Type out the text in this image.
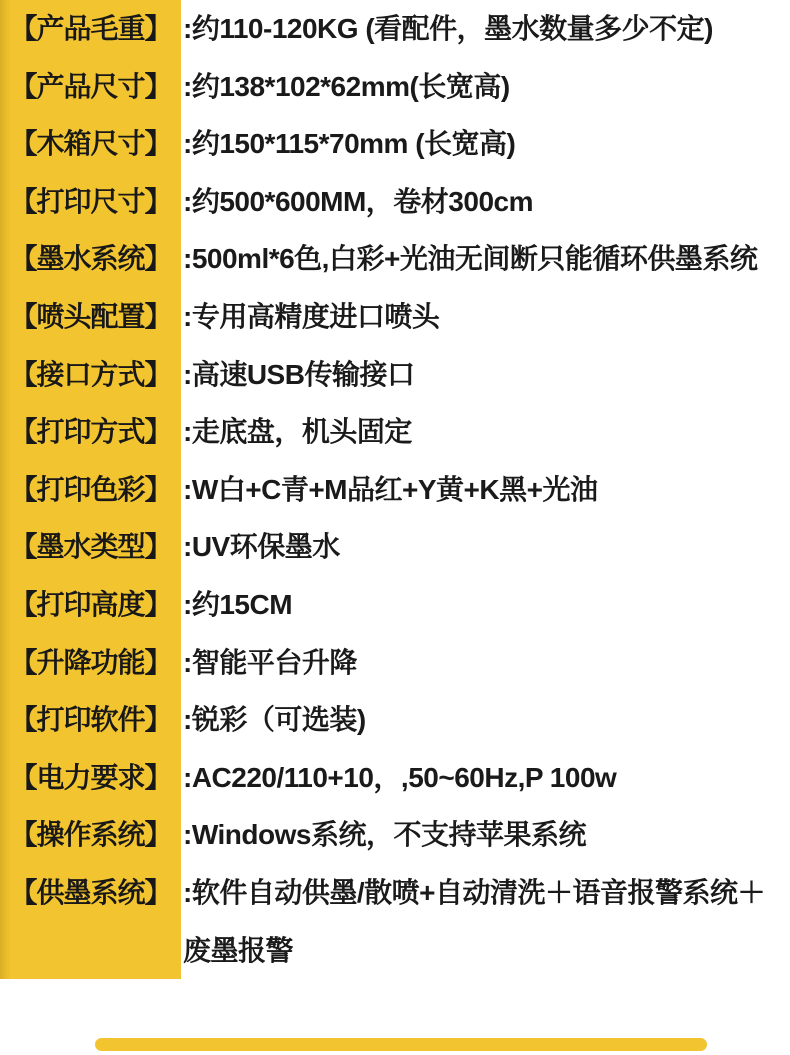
【产品毛重】 :约110-120KG (看配件，墨水数量多少不定)
【产品尺寸】 :约138*102*62mm(长宽高)
【木箱尺寸】 :约150*115*70mm (长宽高)
【打印尺寸】 :约500*600MM，卷材300cm
【墨水系统】 :500ml*6色,白彩+光油无间断只能循环供墨系统
【喷头配置】 :专用高精度进口喷头
【接口方式】 :高速USB传输接口
【打印方式】 :走底盘，机头固定
【打印色彩】 :W白+C青+M品红+Y黄+K黑+光油
【墨水类型】 :UV环保墨水
【打印高度】 :约15CM
【升降功能】 :智能平台升降
【打印软件】 :锐彩（可选装)
【电力要求】 :AC220/110+10，,50~60Hz,P 100w
【操作系统】 :Windows系统，不支持苹果系统
【供墨系统】 :软件自动供墨/散喷+自动清洗＋语音报警系统＋废墨报警
